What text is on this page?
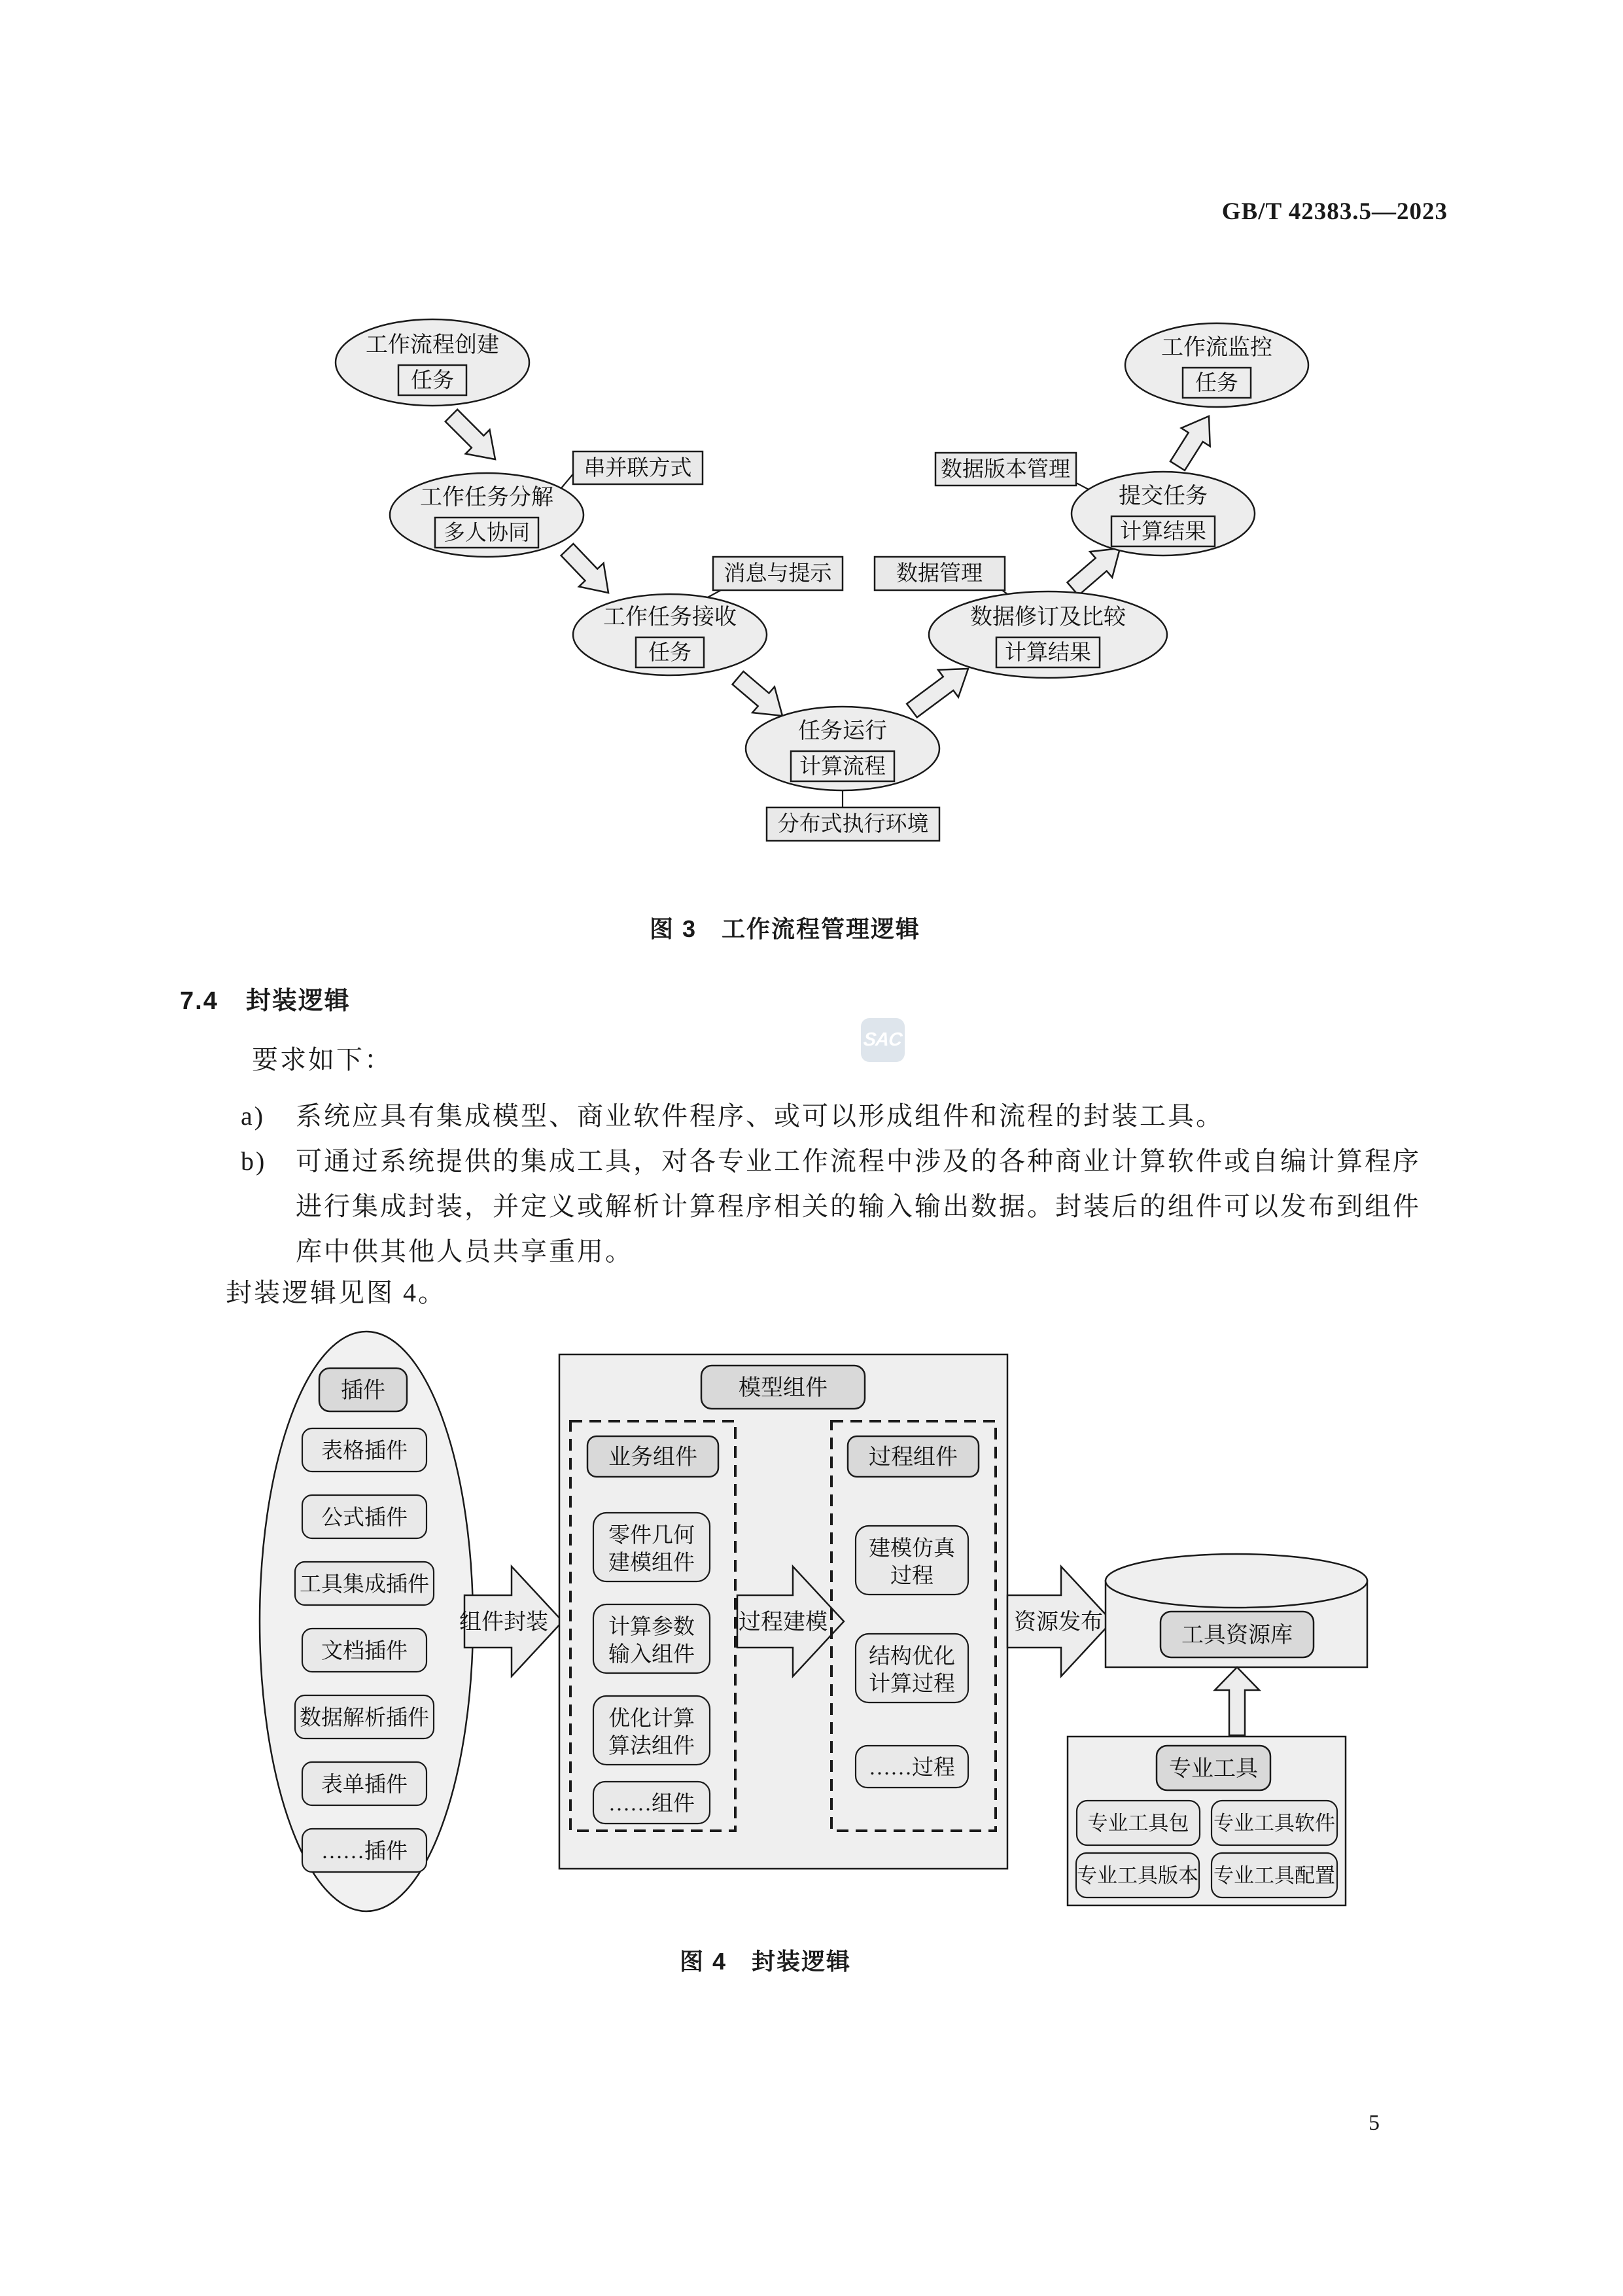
GB/T 42383.5—2023
工作流程创建
任务
工作任务分解
多人协同
工作任务接收
任务
任务运行
计算流程
数据修订及比较
计算结果
提交任务
计算结果
工作流监控
任务
串并联方式
消息与提示	数据管理
数据版本管理
分布式执行环境
图 3　工作流程管理逻辑
7.4 封装逻辑
SAC
要求如下：
a) 系统应具有集成模型、商业软件程序、或可以形成组件和流程的封装工具。
b) 可通过系统提供的集成工具，对各专业工作流程中涉及的各种商业计算软件或自编计算程序
进行集成封装，并定义或解析计算程序相关的输入输出数据。封装后的组件可以发布到组件
库中供其他人员共享重用。
封装逻辑见图 4。
插件
表格插件
公式插件
工具集成插件
文档插件
数据解析插件
表单插件
……插件
组件封装
模型组件
业务组件
零件几何
建模组件
计算参数
输入组件
优化计算
算法组件
……组件
过程建模
过程组件
建模仿真
过程
结构优化
计算过程
……过程
资源发布
工具资源库
专业工具
专业工具包 专业工具软件
专业工具版本 专业工具配置
图 4　封装逻辑
5
